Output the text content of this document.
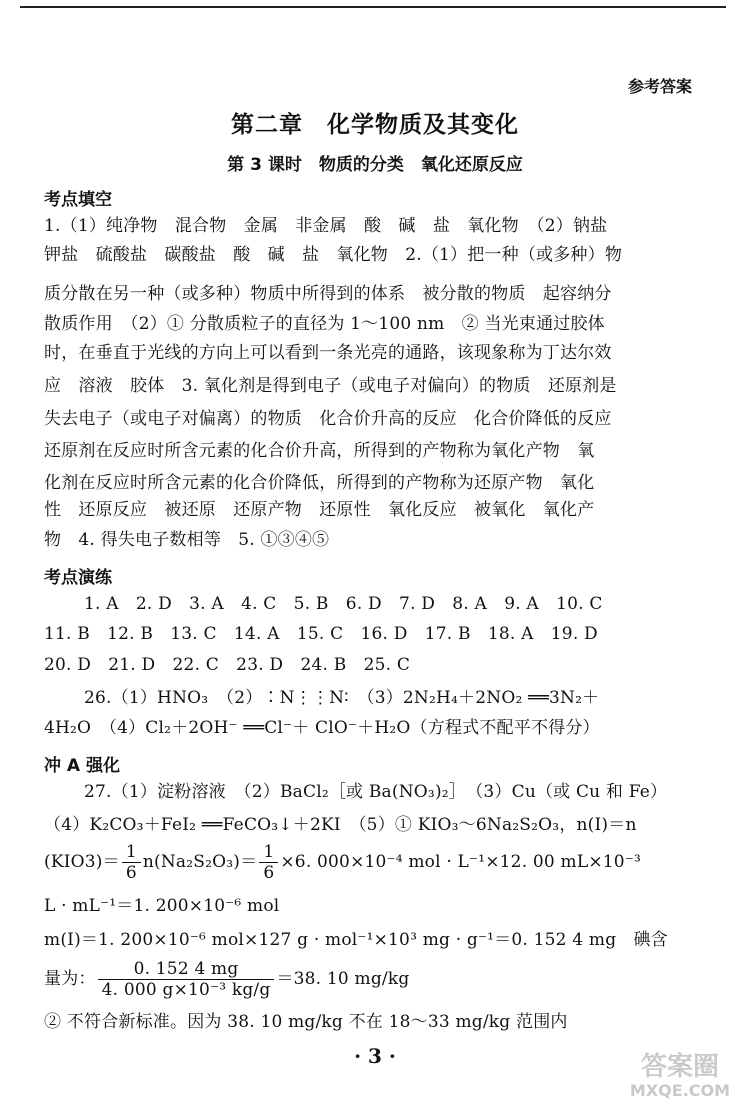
参考答案
第二章　化学物质及其变化
第 3 课时　物质的分类　氧化还原反应
考点填空
1.（1）纯净物　混合物　金属　非金属　酸　碱　盐　氧化物　（2）钠盐
钾盐　硫酸盐　碳酸盐　酸　碱　盐　氧化物　2.（1）把一种（或多种）物
质分散在另一种（或多种）物质中所得到的体系　被分散的物质　起容纳分
散质作用　（2）① 分散质粒子的直径为 1～100 nm　② 当光束通过胶体
时，在垂直于光线的方向上可以看到一条光亮的通路，该现象称为丁达尔效
应　溶液　胶体　3. 氧化剂是得到电子（或电子对偏向）的物质　还原剂是
失去电子（或电子对偏离）的物质　化合价升高的反应　化合价降低的反应
还原剂在反应时所含元素的化合价升高，所得到的产物称为氧化产物　氧
化剂在反应时所含元素的化合价降低，所得到的产物称为还原产物　氧化
性　还原反应　被还原　还原产物　还原性　氧化反应　被氧化　氧化产
物　4. 得失电子数相等　5. ①③④⑤
考点演练
1. A　2. D　3. A　4. C　5. B　6. D　7. D　8. A　9. A　10. C
11. B　12. B　13. C　14. A　15. C　16. D　17. B　18. A　19. D
20. D　21. D　22. C　23. D　24. B　25. C
26.（1）HNO₃　（2）∶N⋮⋮N∶　（3）2N₂H₄＋2NO₂ ══3N₂＋
4H₂O　（4）Cl₂＋2OH⁻ ══Cl⁻＋ ClO⁻＋H₂O（方程式不配平不得分）
冲 A 强化
27.（1）淀粉溶液　（2）BaCl₂［或 Ba(NO₃)₂］　（3）Cu（或 Cu 和 Fe）
（4）K₂CO₃＋FeI₂ ══FeCO₃↓＋2KI　（5）① KIO₃～6Na₂S₂O₃，n(I)＝n
$(KIO3)= \frac{1}{6} n(Na_2S_2O_3)= \frac{1}{6} \times 6$. 000×10⁻⁴ mol · L⁻¹×12. 00 mL×10⁻³
L · mL⁻¹＝1. 200×10⁻⁶ mol
m(I)＝1. 200×10⁻⁶ mol×127 g · mol⁻¹×10³ mg · g⁻¹＝0. 152 4 mg　碘含
量为： $\frac{0. 152 4 mg}{\text{4. 000 g×10⁻³ kg/g}} =38$. 10 mg/kg
② 不符合新标准。因为 38. 10 mg/kg 不在 18～33 mg/kg 范围内
· 3 ·	答案圈
MXQE.COM
